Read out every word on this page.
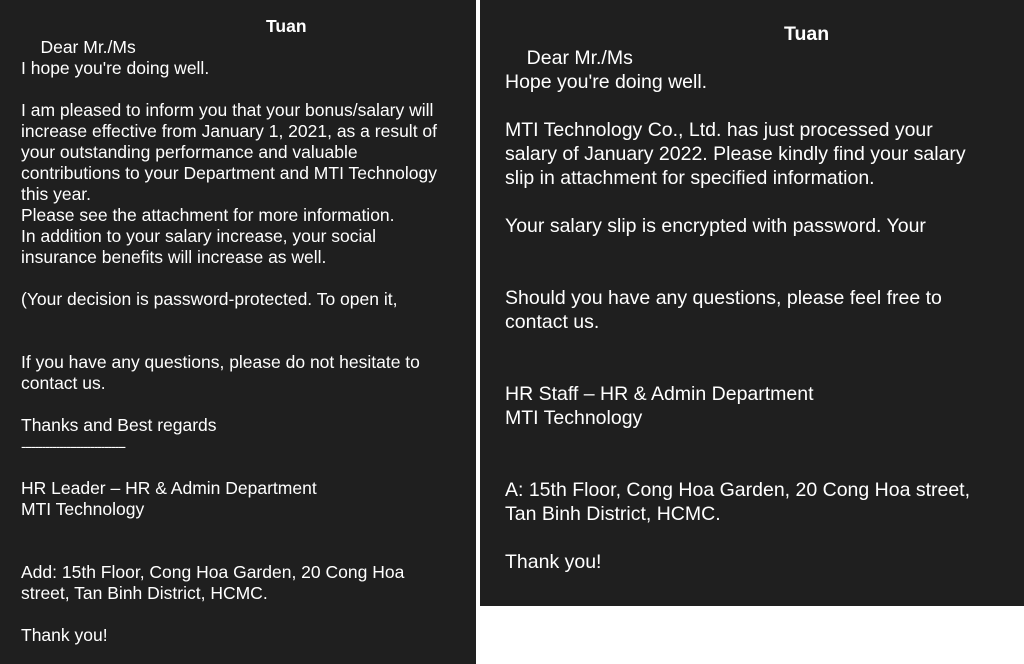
Dear Mr./Ms

Tuan

I hope you're doing well.
I am pleased to inform you that your bonus/salary will
increase effective from January 1, 2021, as a result of
your outstanding performance and valuable
contributions to your Department and MTI Technology
this year.
Please see the attachment for more information.
In addition to your salary increase, your social
insurance benefits will increase as well.
(Your decision is password-protected. To open it,
If you have any questions, please do not hesitate to
contact us.
Thanks and Best regards
------------------------------
HR Leader – HR & Admin Department
MTI Technology
Add: 15th Floor, Cong Hoa Garden, 20 Cong Hoa
street, Tan Binh District, HCMC.
Thank you!

Dear Mr./Ms

Tuan

Hope you're doing well.
MTI Technology Co., Ltd. has just processed your
salary of January 2022. Please kindly find your salary
slip in attachment for specified information.
Your salary slip is encrypted with password. Your
Should you have any questions, please feel free to
contact us.
HR Staff – HR & Admin Department
MTI Technology
A: 15th Floor, Cong Hoa Garden, 20 Cong Hoa street,
Tan Binh District, HCMC.
Thank you!
